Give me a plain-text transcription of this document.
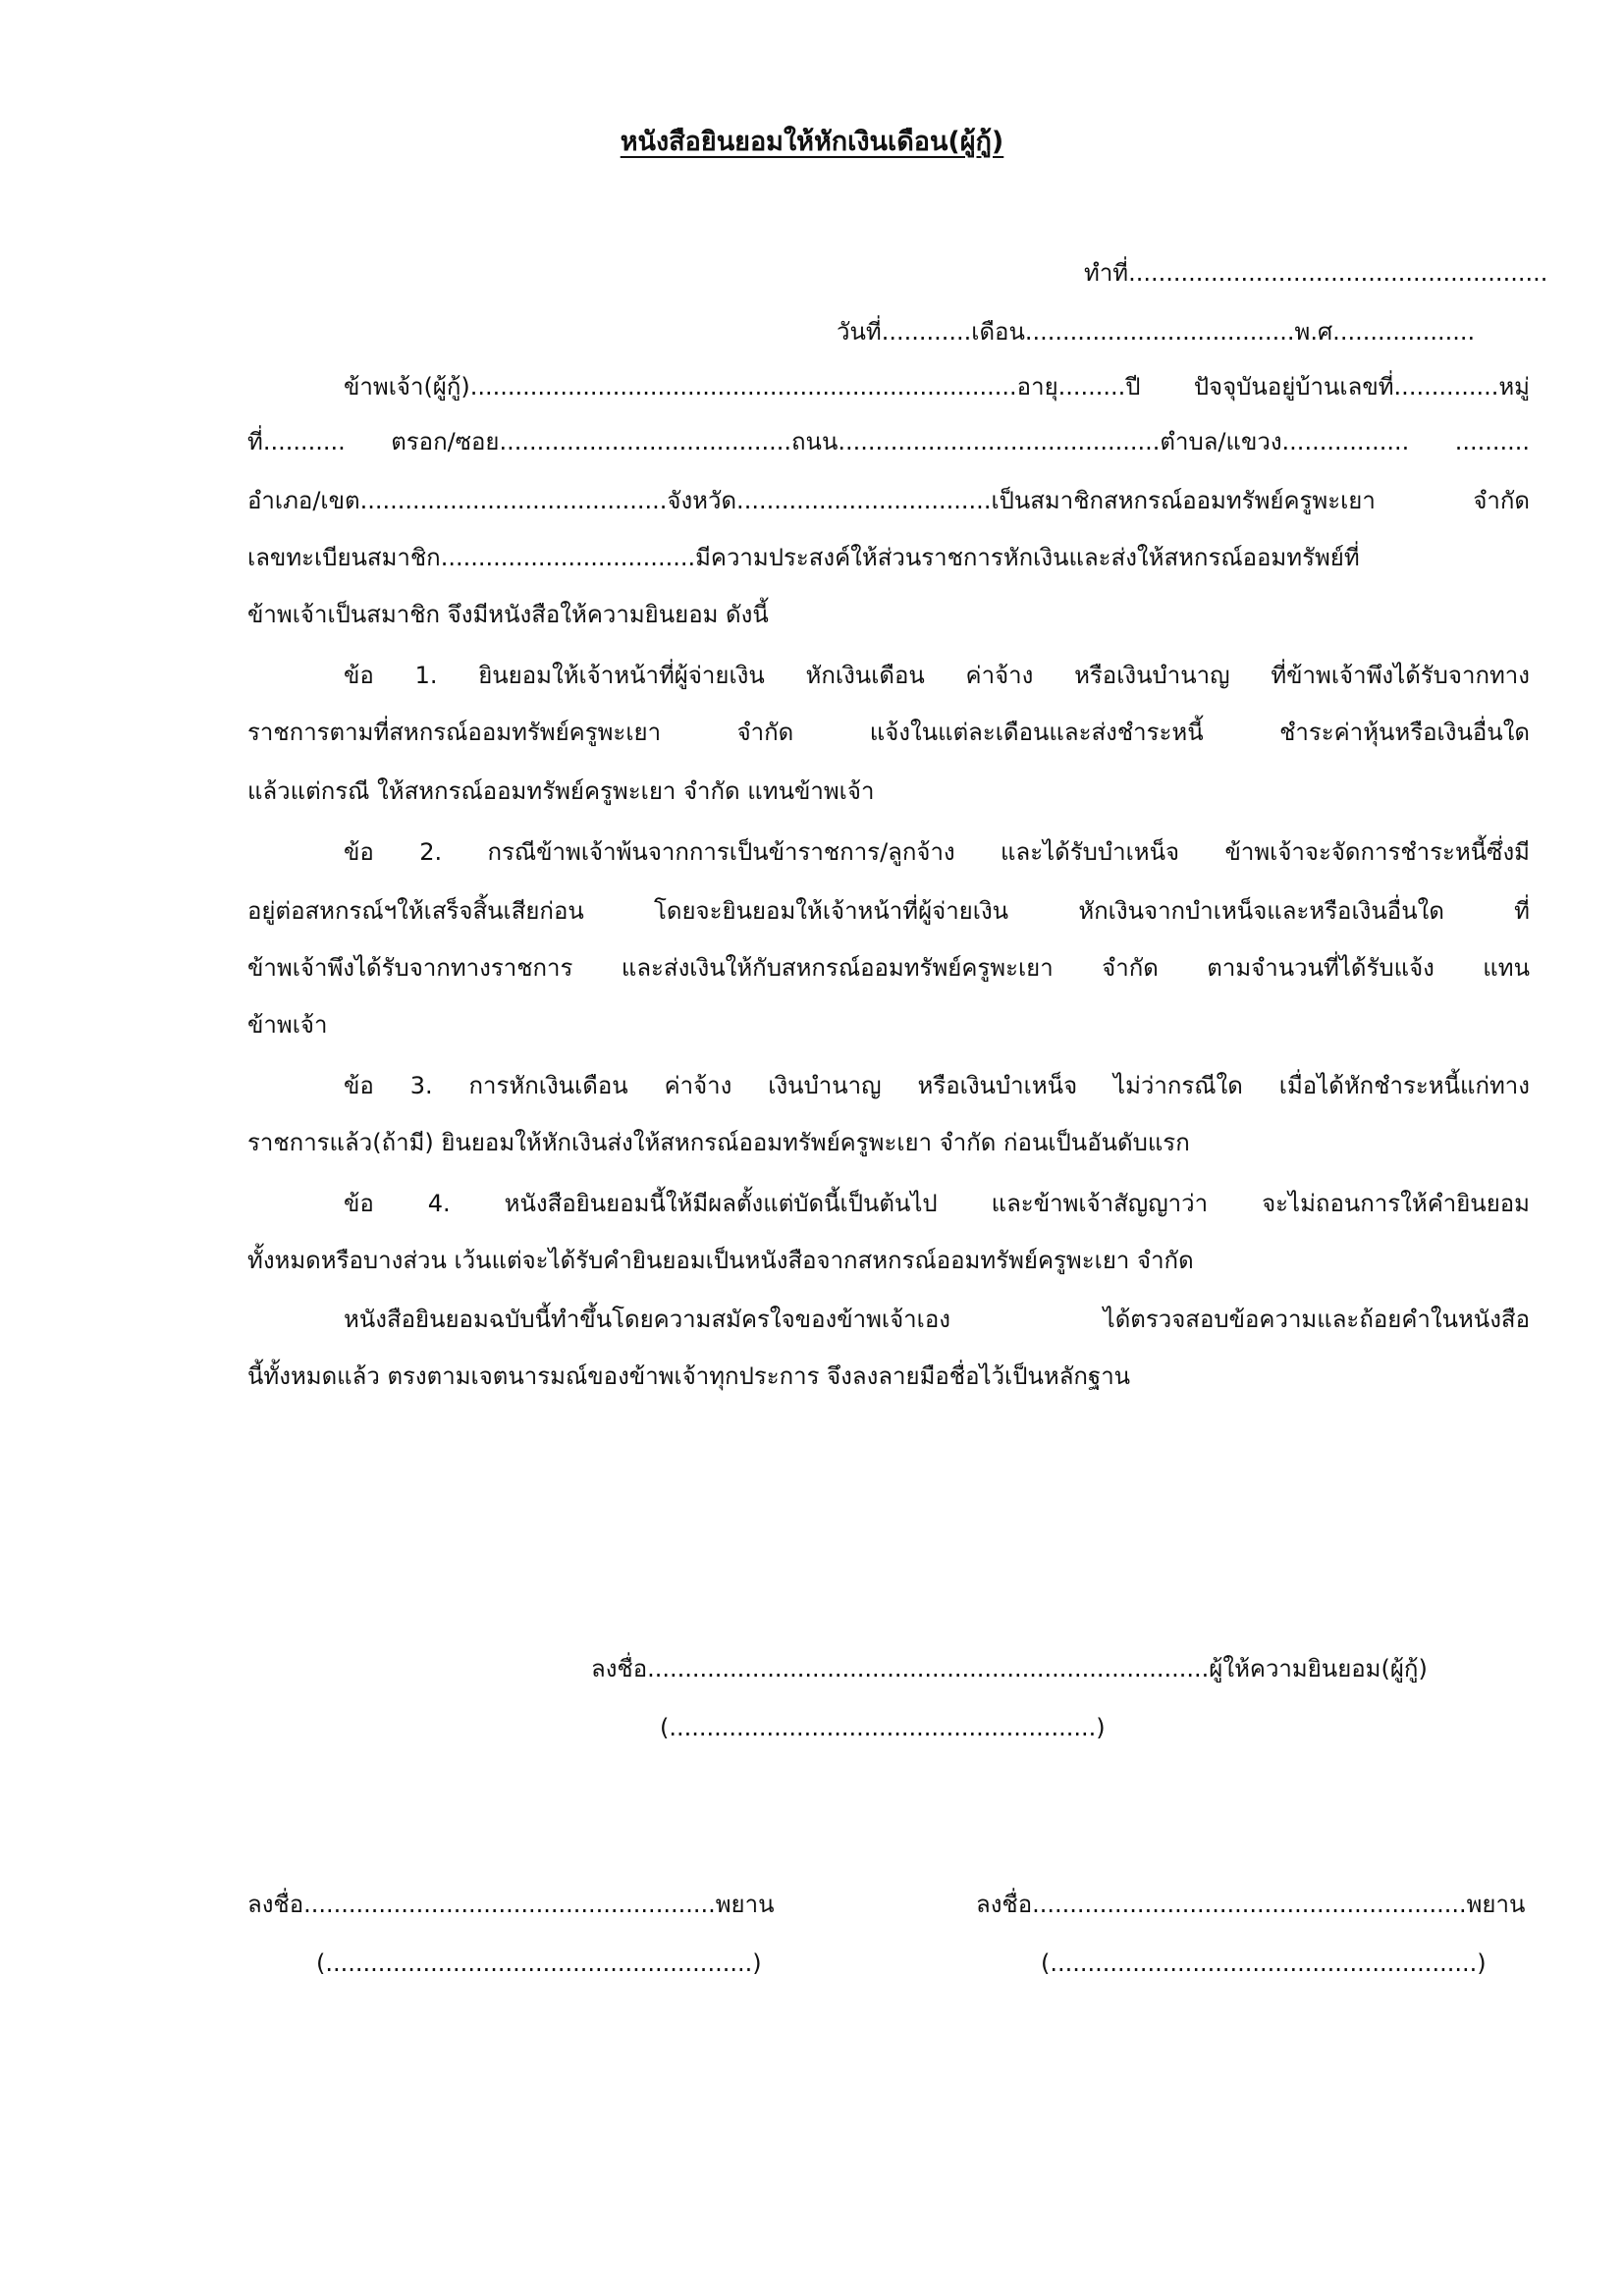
หนังสือยินยอมให้หักเงินเดือน(ผู้กู้)
ทำที่........................................................
วันที่............เดือน....................................พ.ศ...................
ข้าพเจ้า(ผู้กู้).........................................................................อายุ.........ปี ปัจจุบันอยู่บ้านเลขที่..............หมู่
ที่........... ตรอก/ซอย.......................................ถนน...........................................ตำบล/แขวง................. ..........
อำเภอ/เขต.........................................จังหวัด..................................เป็นสมาชิกสหกรณ์ออมทรัพย์ครูพะเยา จำกัด
เลขทะเบียนสมาชิก..................................มีความประสงค์ให้ส่วนราชการหักเงินและส่งให้สหกรณ์ออมทรัพย์ที่
ข้าพเจ้าเป็นสมาชิก จึงมีหนังสือให้ความยินยอม ดังนี้
ข้อ 1. ยินยอมให้เจ้าหน้าที่ผู้จ่ายเงิน หักเงินเดือน ค่าจ้าง หรือเงินบำนาญ ที่ข้าพเจ้าพึงได้รับจากทาง
ราชการตามที่สหกรณ์ออมทรัพย์ครูพะเยา จำกัด แจ้งในแต่ละเดือนและส่งชำระหนี้ ชำระค่าหุ้นหรือเงินอื่นใด
แล้วแต่กรณี ให้สหกรณ์ออมทรัพย์ครูพะเยา จำกัด แทนข้าพเจ้า
ข้อ 2. กรณีข้าพเจ้าพ้นจากการเป็นข้าราชการ/ลูกจ้าง และได้รับบำเหน็จ ข้าพเจ้าจะจัดการชำระหนี้ซึ่งมี
อยู่ต่อสหกรณ์ฯให้เสร็จสิ้นเสียก่อน โดยจะยินยอมให้เจ้าหน้าที่ผู้จ่ายเงิน หักเงินจากบำเหน็จและหรือเงินอื่นใด ที่
ข้าพเจ้าพึงได้รับจากทางราชการ และส่งเงินให้กับสหกรณ์ออมทรัพย์ครูพะเยา จำกัด ตามจำนวนที่ได้รับแจ้ง แทน
ข้าพเจ้า
ข้อ 3. การหักเงินเดือน ค่าจ้าง เงินบำนาญ หรือเงินบำเหน็จ ไม่ว่ากรณีใด เมื่อได้หักชำระหนี้แก่ทาง
ราชการแล้ว(ถ้ามี) ยินยอมให้หักเงินส่งให้สหกรณ์ออมทรัพย์ครูพะเยา จำกัด ก่อนเป็นอันดับแรก
ข้อ 4. หนังสือยินยอมนี้ให้มีผลตั้งแต่บัดนี้เป็นต้นไป และข้าพเจ้าสัญญาว่า จะไม่ถอนการให้คำยินยอม
ทั้งหมดหรือบางส่วน เว้นแต่จะได้รับคำยินยอมเป็นหนังสือจากสหกรณ์ออมทรัพย์ครูพะเยา จำกัด
หนังสือยินยอมฉบับนี้ทำขึ้นโดยความสมัครใจของข้าพเจ้าเอง ได้ตรวจสอบข้อความและถ้อยคำในหนังสือ
นี้ทั้งหมดแล้ว ตรงตามเจตนารมณ์ของข้าพเจ้าทุกประการ จึงลงลายมือชื่อไว้เป็นหลักฐาน
ลงชื่อ...........................................................................ผู้ให้ความยินยอม(ผู้กู้)
(.........................................................)
ลงชื่อ.......................................................พยาน
(.........................................................)
ลงชื่อ..........................................................พยาน
(.........................................................)
